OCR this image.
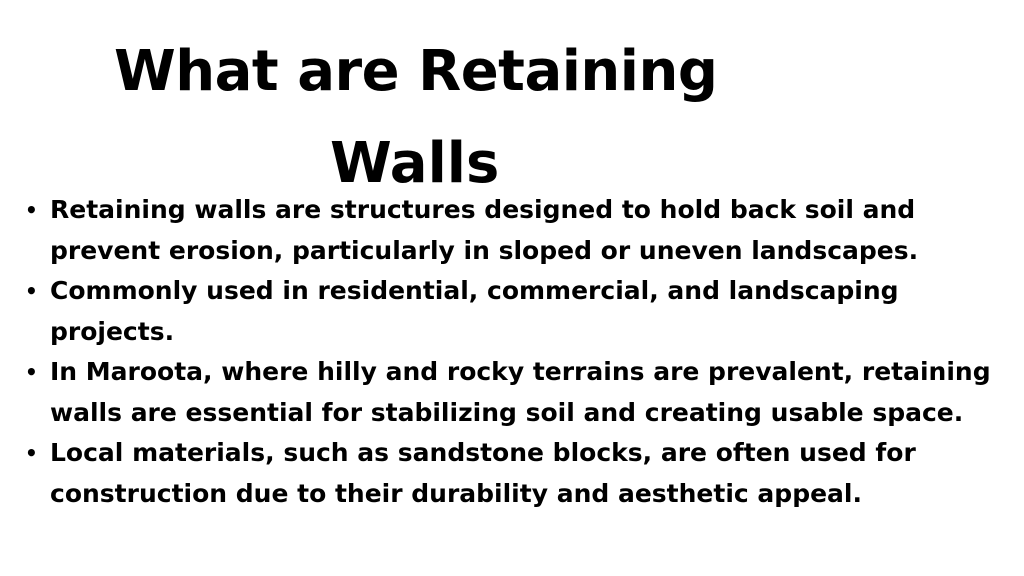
What are Retaining
Walls
• Retaining walls are structures designed to hold back soil and prevent erosion, particularly in sloped or uneven landscapes.
• Commonly used in residential, commercial, and landscaping projects.
• In Maroota, where hilly and rocky terrains are prevalent, retaining walls are essential for stabilizing soil and creating usable space.
• Local materials, such as sandstone blocks, are often used for construction due to their durability and aesthetic appeal.
